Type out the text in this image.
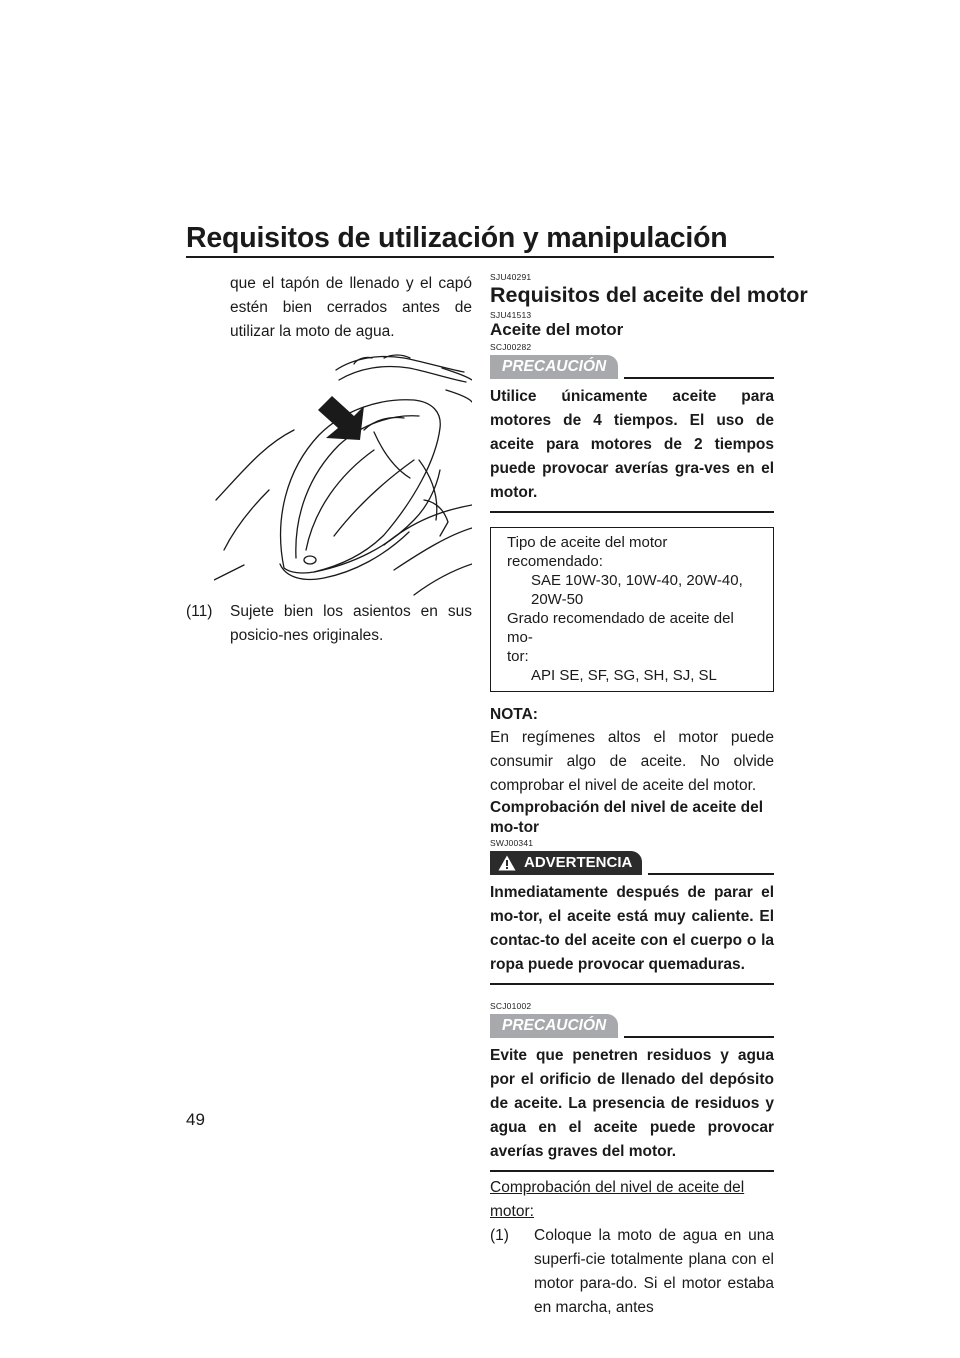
Requisitos de utilización y manipulación
que el tapón de llenado y el capó estén bien cerrados antes de utilizar la moto de agua.
(11)	Sujete bien los asientos en sus posicio-nes originales.
SJU40291
Requisitos del aceite del motor
SJU41513
Aceite del motor
SCJ00282
PRECAUCIÓN
Utilice únicamente aceite para motores de 4 tiempos. El uso de aceite para motores de 2 tiempos puede provocar averías gra-ves en el motor.
Tipo de aceite del motor recomendado:
SAE 10W-30, 10W-40, 20W-40,
20W-50
Grado recomendado de aceite del mo-
tor:
API SE, SF, SG, SH, SJ, SL
NOTA:
En regímenes altos el motor puede consumir algo de aceite. No olvide comprobar el nivel de aceite del motor.
Comprobación del nivel de aceite del mo-tor
SWJ00341
ADVERTENCIA
Inmediatamente después de parar el mo-tor, el aceite está muy caliente. El contac-to del aceite con el cuerpo o la ropa puede provocar quemaduras.
SCJ01002
PRECAUCIÓN
Evite que penetren residuos y agua por el orificio de llenado del depósito de aceite. La presencia de residuos y agua en el aceite puede provocar averías graves del motor.
Comprobación del nivel de aceite del motor:
(1)	Coloque la moto de agua en una superfi-cie totalmente plana con el motor para-do. Si el motor estaba en marcha, antes
49
